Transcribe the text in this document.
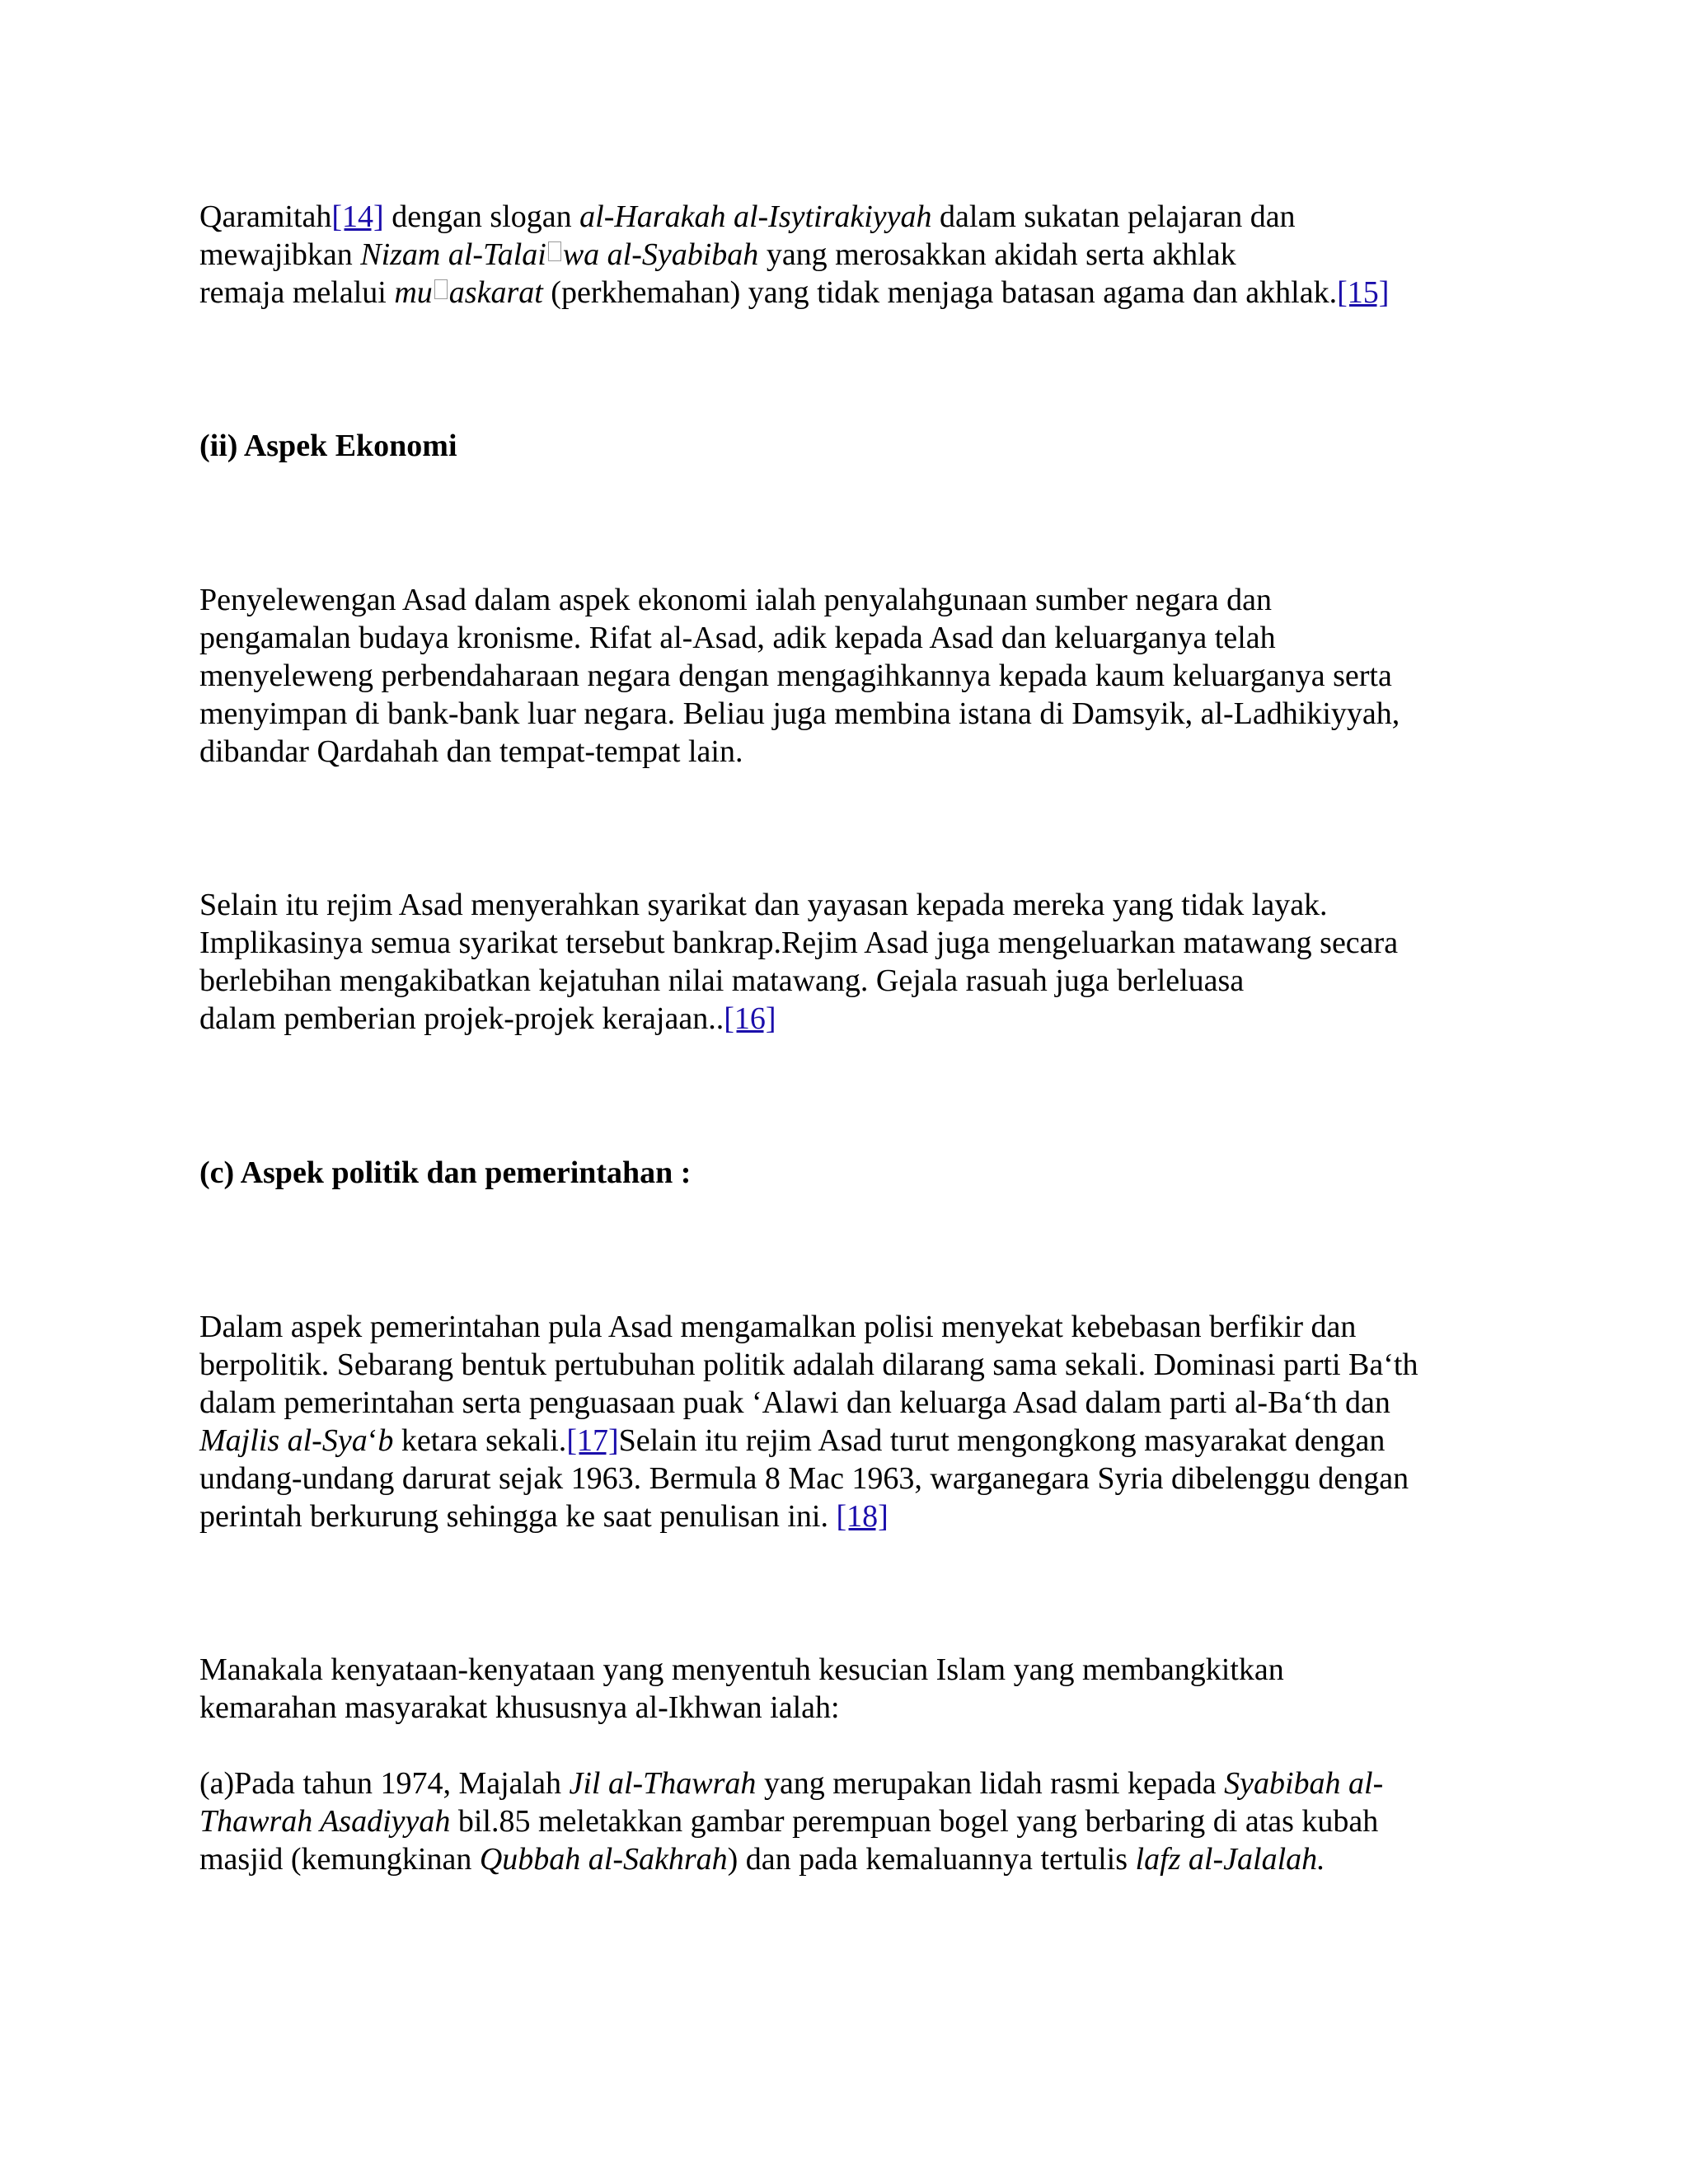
Qaramitah[14] dengan slogan al-Harakah al-Isytirakiyyah dalam sukatan pelajaran dan
mewajibkan Nizam al-Talai wa al-Syabibah yang merosakkan akidah serta akhlak
remaja melalui mu askarat (perkhemahan) yang tidak menjaga batasan agama dan akhlak.[15]
(ii) Aspek Ekonomi
Penyelewengan Asad dalam aspek ekonomi ialah penyalahgunaan sumber negara dan
pengamalan budaya kronisme. Rifat al-Asad, adik kepada Asad dan keluarganya telah
menyeleweng perbendaharaan negara dengan mengagihkannya kepada kaum keluarganya serta
menyimpan di bank-bank luar negara. Beliau juga membina istana di Damsyik, al-Ladhikiyyah,
dibandar Qardahah dan tempat-tempat lain.
Selain itu rejim Asad menyerahkan syarikat dan yayasan kepada mereka yang tidak layak.
Implikasinya semua syarikat tersebut bankrap.Rejim Asad juga mengeluarkan matawang secara
berlebihan mengakibatkan kejatuhan nilai matawang. Gejala rasuah juga berleluasa
dalam pemberian projek-projek kerajaan..[16]
(c) Aspek politik dan pemerintahan :
Dalam aspek pemerintahan pula Asad mengamalkan polisi menyekat kebebasan berfikir dan
berpolitik. Sebarang bentuk pertubuhan politik adalah dilarang sama sekali. Dominasi parti Ba‘th
dalam pemerintahan serta penguasaan puak ‘Alawi dan keluarga Asad dalam parti al-Ba‘th dan
Majlis al-Sya‘b ketara sekali.[17]Selain itu rejim Asad turut mengongkong masyarakat dengan
undang-undang darurat sejak 1963. Bermula 8 Mac 1963, warganegara Syria dibelenggu dengan
perintah berkurung sehingga ke saat penulisan ini. [18]
Manakala kenyataan-kenyataan yang menyentuh kesucian Islam yang membangkitkan
kemarahan masyarakat khususnya al-Ikhwan ialah:
(a)Pada tahun 1974, Majalah Jil al-Thawrah yang merupakan lidah rasmi kepada Syabibah al-
Thawrah Asadiyyah bil.85 meletakkan gambar perempuan bogel yang berbaring di atas kubah
masjid (kemungkinan Qubbah al-Sakhrah) dan pada kemaluannya tertulis lafz al-Jalalah.
